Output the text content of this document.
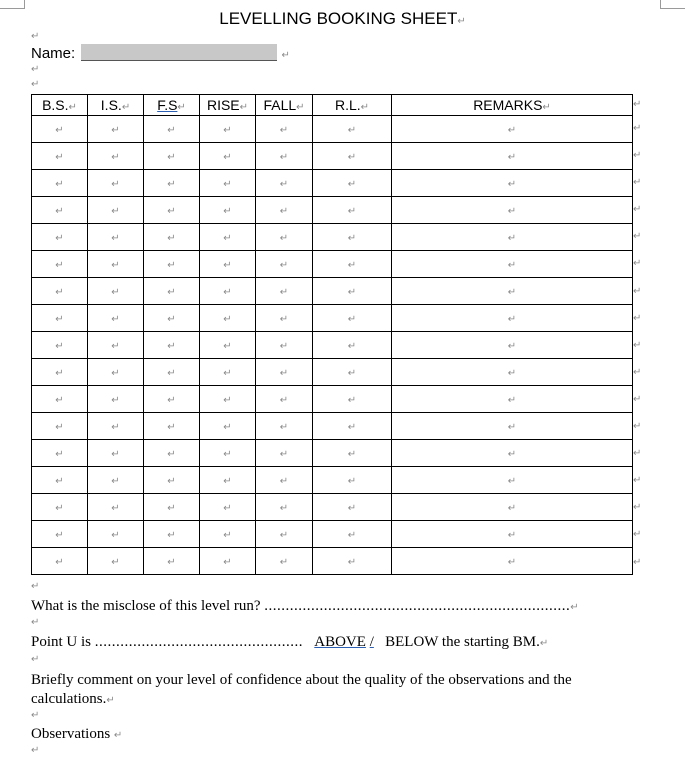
LEVELLING BOOKING SHEET↵
↵
Name:	↵
↵
↵
B.S.↵	I.S.↵	F.S↵	RISE↵	FALL↵	R.L.↵	REMARKS↵
↵	↵	↵	↵	↵	↵	↵
↵	↵	↵	↵	↵	↵	↵
↵	↵	↵	↵	↵	↵	↵
↵	↵	↵	↵	↵	↵	↵
↵	↵	↵	↵	↵	↵	↵
↵	↵	↵	↵	↵	↵	↵
↵	↵	↵	↵	↵	↵	↵
↵	↵	↵	↵	↵	↵	↵
↵	↵	↵	↵	↵	↵	↵
↵	↵	↵	↵	↵	↵	↵
↵	↵	↵	↵	↵	↵	↵
↵	↵	↵	↵	↵	↵	↵
↵	↵	↵	↵	↵	↵	↵
↵	↵	↵	↵	↵	↵	↵
↵	↵	↵	↵	↵	↵	↵
↵	↵	↵	↵	↵	↵	↵
↵	↵	↵	↵	↵	↵	↵
↵
↵
↵
↵
↵
↵
↵
↵
↵
↵
↵
↵
↵
↵
↵
↵
↵
↵
↵
What is the misclose of this level run? ........................................................................↵
↵
Point U is ................................................. ABOVE / BELOW the starting BM.↵
↵
Briefly comment on your level of confidence about the quality of the observations and the calculations.↵
↵
Observations ↵
↵
